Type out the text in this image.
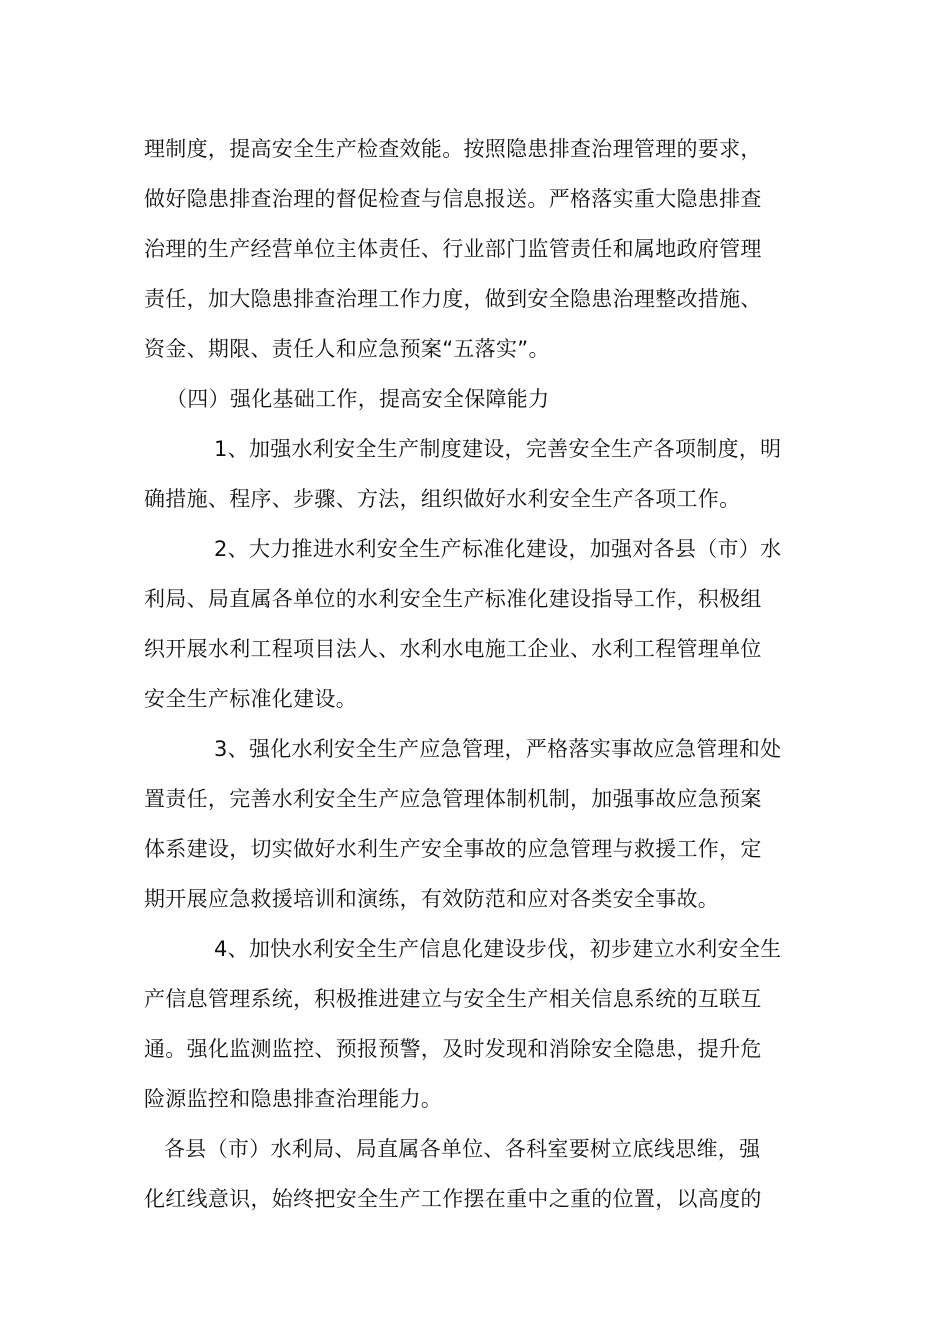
理制度，提高安全生产检查效能。按照隐患排查治理管理的要求，
做好隐患排查治理的督促检查与信息报送。严格落实重大隐患排查
治理的生产经营单位主体责任、行业部门监管责任和属地政府管理
责任，加大隐患排查治理工作力度，做到安全隐患治理整改措施、
资金、期限、责任人和应急预案“五落实”。
（四）强化基础工作，提高安全保障能力
1、加强水利安全生产制度建设，完善安全生产各项制度，明
确措施、程序、步骤、方法，组织做好水利安全生产各项工作。
2、大力推进水利安全生产标准化建设，加强对各县（市）水
利局、局直属各单位的水利安全生产标准化建设指导工作，积极组
织开展水利工程项目法人、水利水电施工企业、水利工程管理单位
安全生产标准化建设。
3、强化水利安全生产应急管理，严格落实事故应急管理和处
置责任，完善水利安全生产应急管理体制机制，加强事故应急预案
体系建设，切实做好水利生产安全事故的应急管理与救援工作，定
期开展应急救援培训和演练，有效防范和应对各类安全事故。
4、加快水利安全生产信息化建设步伐，初步建立水利安全生
产信息管理系统，积极推进建立与安全生产相关信息系统的互联互
通。强化监测监控、预报预警，及时发现和消除安全隐患，提升危
险源监控和隐患排查治理能力。
各县（市）水利局、局直属各单位、各科室要树立底线思维，强
化红线意识，始终把安全生产工作摆在重中之重的位置，以高度的
